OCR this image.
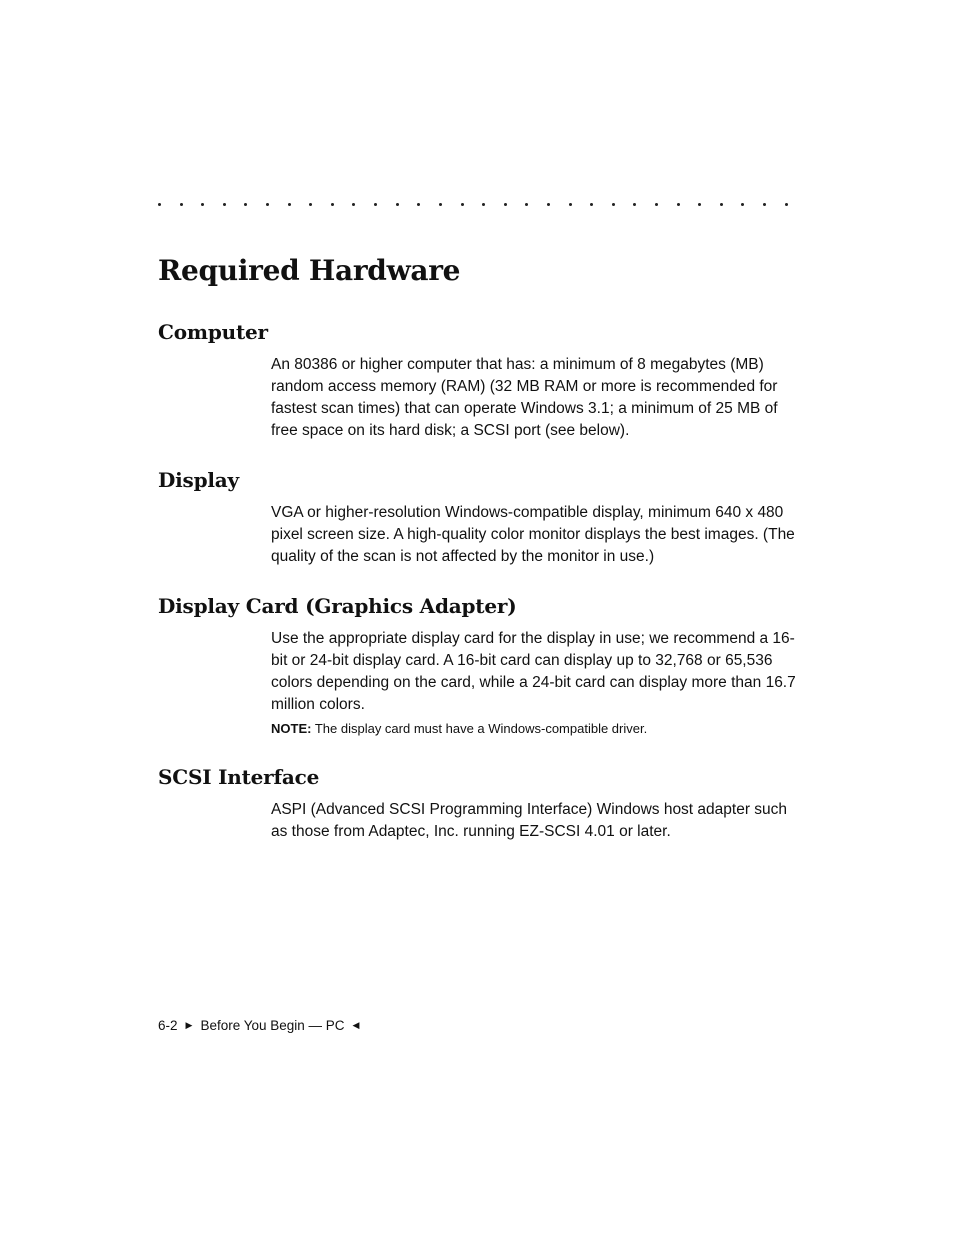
Required Hardware
Computer

An 80386 or higher computer that has: a minimum of 8 megabytes (MB) random access memory (RAM) (32 MB RAM or more is recommended for fastest scan times) that can operate Windows 3.1; a minimum of 25 MB of free space on its hard disk; a SCSI port (see below).

Display

VGA or higher-resolution Windows-compatible display, minimum 640 x 480 pixel screen size. A high-quality color monitor displays the best images. (The quality of the scan is not affected by the monitor in use.)

Display Card (Graphics Adapter)

Use the appropriate display card for the display in use; we recommend a 16-bit or 24-bit display card. A 16-bit card can display up to 32,768 or 65,536 colors depending on the card, while a 24-bit card can display more than 16.7 million colors.

NOTE: The display card must have a Windows-compatible driver.

SCSI Interface

ASPI (Advanced SCSI Programming Interface) Windows host adapter such as those from Adaptec, Inc. running EZ-SCSI 4.01 or later.

6-2 ▶ Before You Begin — PC ◀
